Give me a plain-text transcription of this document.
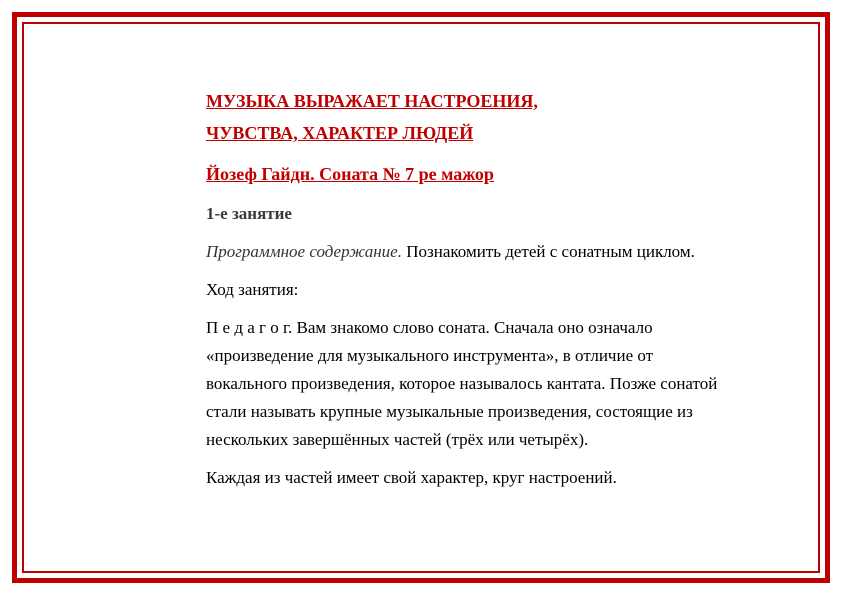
МУЗЫКА ВЫРАЖАЕТ НАСТРОЕНИЯ,
ЧУВСТВА, ХАРАКТЕР ЛЮДЕЙ

Йозеф Гайдн. Соната № 7 ре мажор

1-е занятие

Программное содержание. Познакомить детей с сонатным циклом.

Ход занятия:

П е д а г о г. Вам знакомо слово соната. Сначала оно означало «произведение для музыкального инструмента», в отличие от вокального произведения, которое называлось кантата. Позже сонатой стали называть крупные музыкальные произведения, состоящие из нескольких завершённых частей (трёх или четырёх).

Каждая из частей имеет свой характер, круг настроений.
